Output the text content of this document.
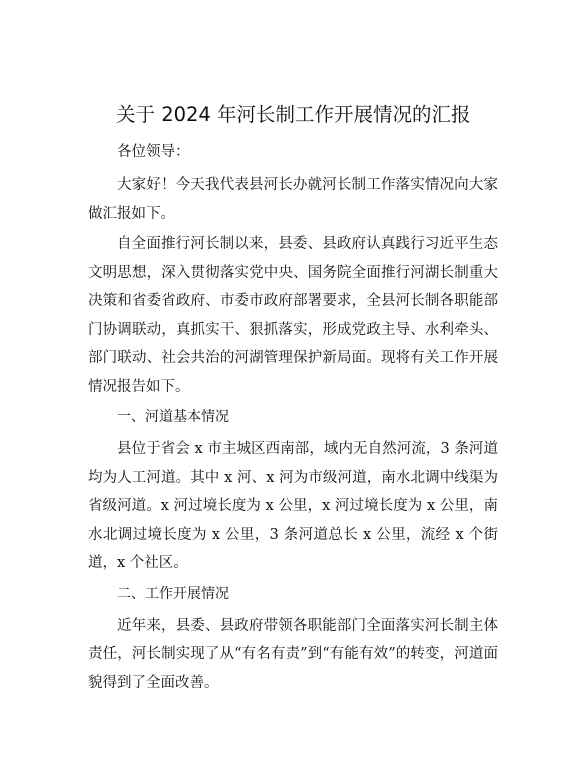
关于 2024 年河长制工作开展情况的汇报

各位领导：

大家好！今天我代表县河长办就河长制工作落实情况向大家做汇报如下。

自全面推行河长制以来，县委、县政府认真践行习近平生态文明思想，深入贯彻落实党中央、国务院全面推行河湖长制重大决策和省委省政府、市委市政府部署要求，全县河长制各职能部门协调联动，真抓实干、狠抓落实，形成党政主导、水利牵头、部门联动、社会共治的河湖管理保护新局面。现将有关工作开展情况报告如下。

一、河道基本情况

县位于省会 x 市主城区西南部，域内无自然河流，3 条河道均为人工河道。其中 x 河、x 河为市级河道，南水北调中线渠为省级河道。x 河过境长度为 x 公里，x 河过境长度为 x 公里，南水北调过境长度为 x 公里，3 条河道总长 x 公里，流经 x 个街道，x 个社区。

二、工作开展情况

近年来，县委、县政府带领各职能部门全面落实河长制主体责任，河长制实现了从“有名有责”到“有能有效”的转变，河道面貌得到了全面改善。
